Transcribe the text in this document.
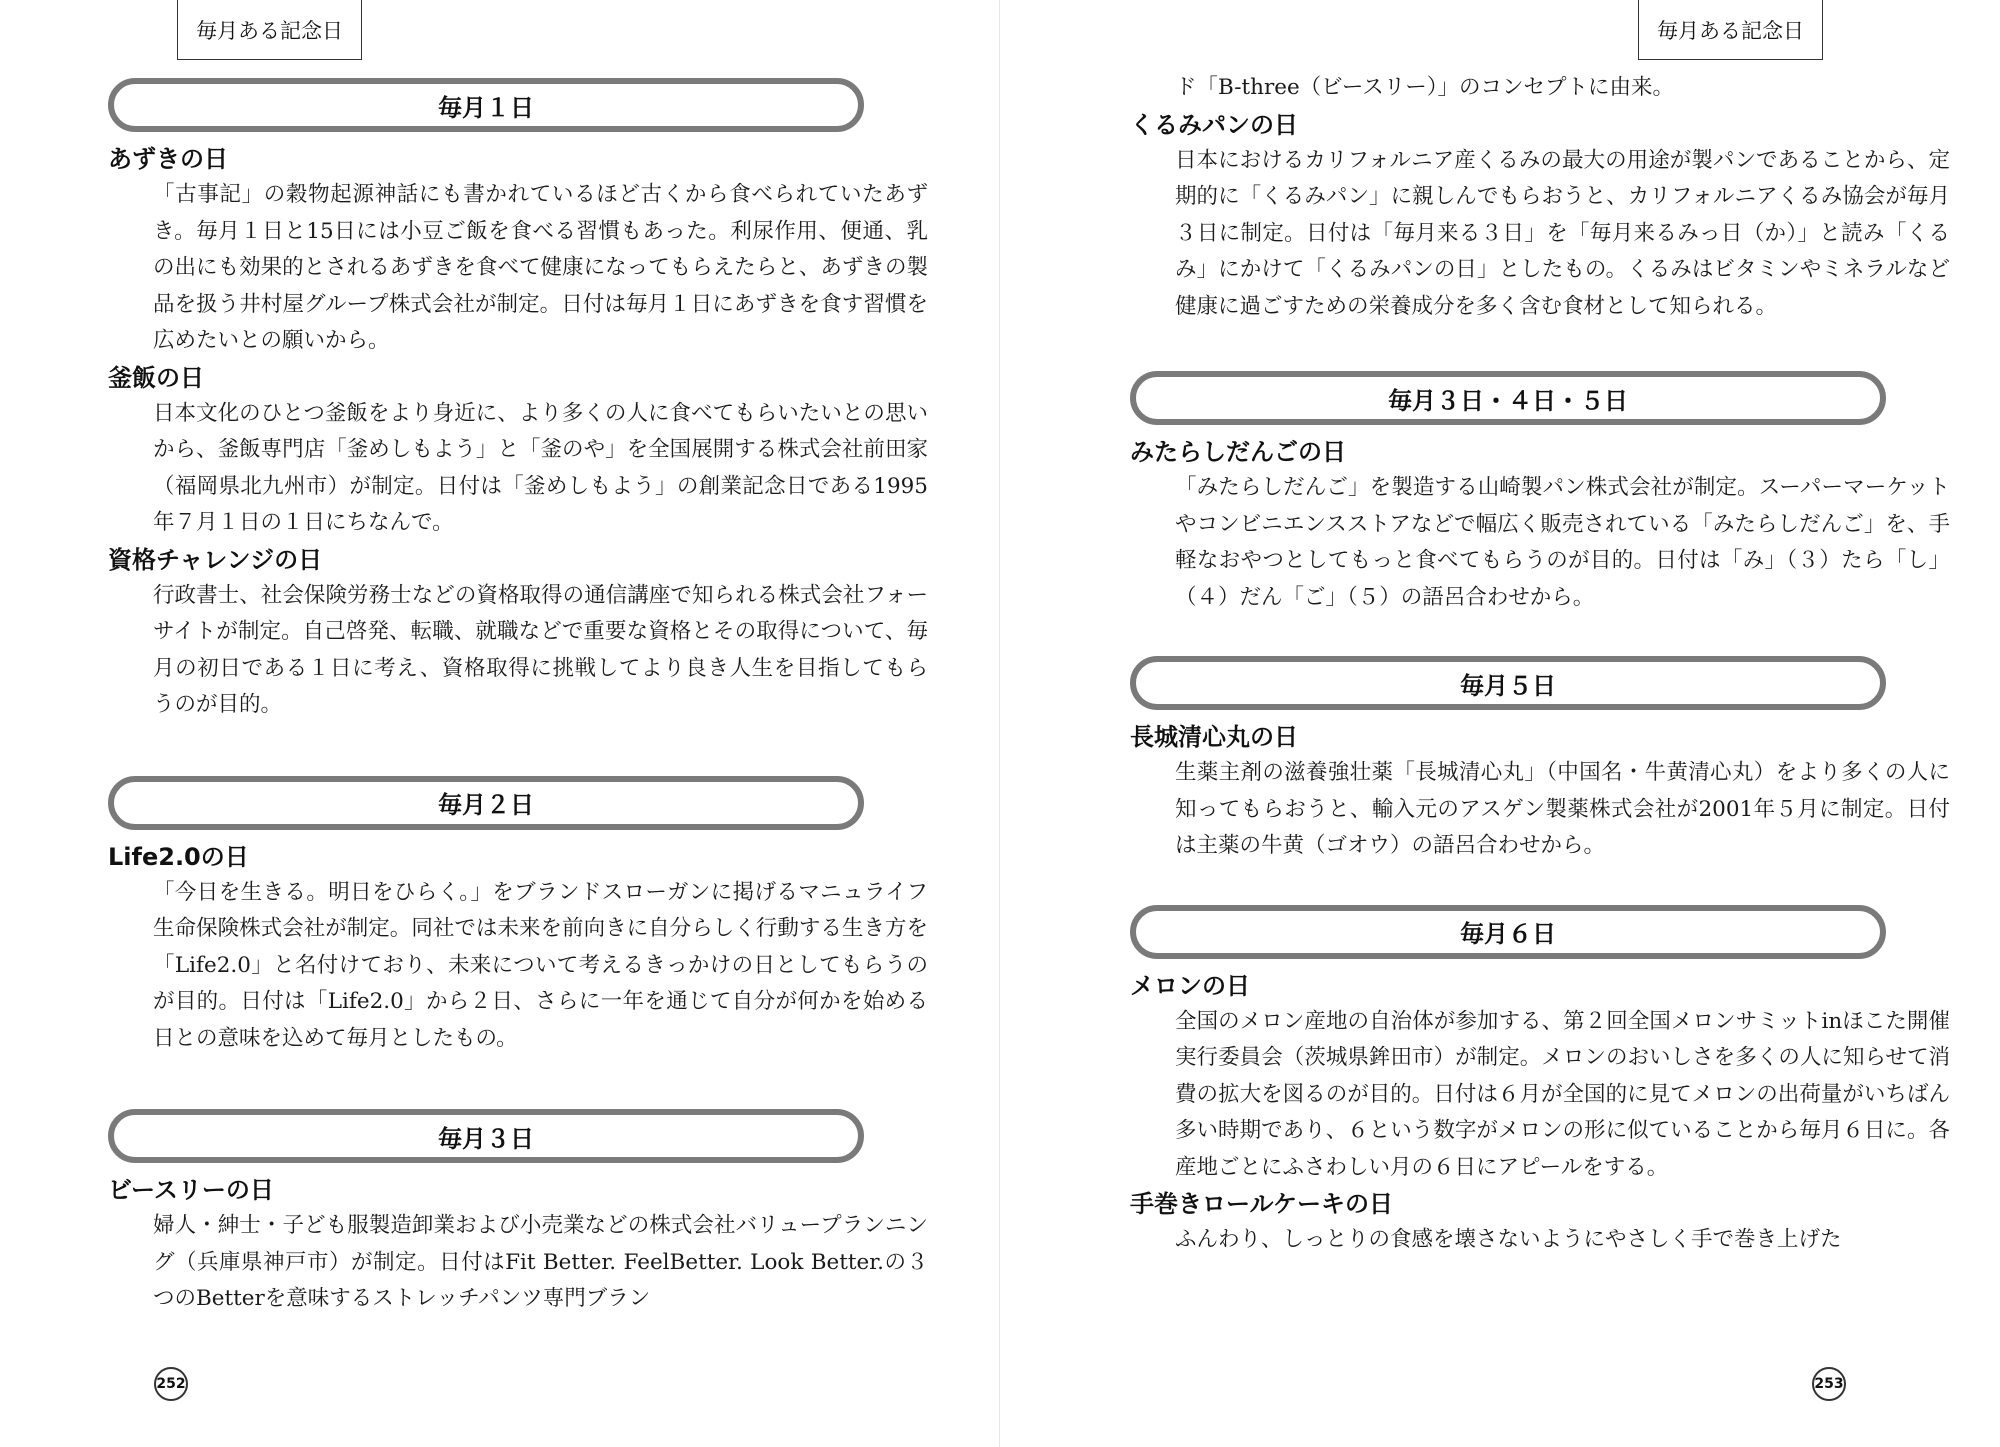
毎月ある記念日
毎月１日
あずきの日
「古事記」の穀物起源神話にも書かれているほど古くから食べられていたあずき。毎月１日と15日には小豆ご飯を食べる習慣もあった。利尿作用、便通、乳の出にも効果的とされるあずきを食べて健康になってもらえたらと、あずきの製品を扱う井村屋グループ株式会社が制定。日付は毎月１日にあずきを食す習慣を広めたいとの願いから。
釜飯の日
日本文化のひとつ釜飯をより身近に、より多くの人に食べてもらいたいとの思いから、釜飯専門店「釜めしもよう」と「釜のや」を全国展開する株式会社前田家（福岡県北九州市）が制定。日付は「釜めしもよう」の創業記念日である1995年７月１日の１日にちなんで。
資格チャレンジの日
行政書士、社会保険労務士などの資格取得の通信講座で知られる株式会社フォーサイトが制定。自己啓発、転職、就職などで重要な資格とその取得について、毎月の初日である１日に考え、資格取得に挑戦してより良き人生を目指してもらうのが目的。
毎月２日
Life2.0の日
「今日を生きる。明日をひらく。」をブランドスローガンに掲げるマニュライフ生命保険株式会社が制定。同社では未来を前向きに自分らしく行動する生き方を「Life2.0」と名付けており、未来について考えるきっかけの日としてもらうのが目的。日付は「Life2.0」から２日、さらに一年を通じて自分が何かを始める日との意味を込めて毎月としたもの。
毎月３日
ビースリーの日
婦人・紳士・子ども服製造卸業および小売業などの株式会社バリュープランニング（兵庫県神戸市）が制定。日付はFit Better. FeelBetter. Look Better.の３つのBetterを意味するストレッチパンツ専門ブラン
252
毎月ある記念日
ド「B-three（ビースリー）」のコンセプトに由来。
くるみパンの日
日本におけるカリフォルニア産くるみの最大の用途が製パンであることから、定期的に「くるみパン」に親しんでもらおうと、カリフォルニアくるみ協会が毎月３日に制定。日付は「毎月来る３日」を「毎月来るみっ日（か）」と読み「くるみ」にかけて「くるみパンの日」としたもの。くるみはビタミンやミネラルなど健康に過ごすための栄養成分を多く含む食材として知られる。
毎月３日・４日・５日
みたらしだんごの日
「みたらしだんご」を製造する山崎製パン株式会社が制定。スーパーマーケットやコンビニエンスストアなどで幅広く販売されている「みたらしだんご」を、手軽なおやつとしてもっと食べてもらうのが目的。日付は「み」（３）たら「し」（４）だん「ご」（５）の語呂合わせから。
毎月５日
長城清心丸の日
生薬主剤の滋養強壮薬「長城清心丸」（中国名・牛黄清心丸）をより多くの人に知ってもらおうと、輸入元のアスゲン製薬株式会社が2001年５月に制定。日付は主薬の牛黄（ゴオウ）の語呂合わせから。
毎月６日
メロンの日
全国のメロン産地の自治体が参加する、第２回全国メロンサミットinほこた開催実行委員会（茨城県鉾田市）が制定。メロンのおいしさを多くの人に知らせて消費の拡大を図るのが目的。日付は６月が全国的に見てメロンの出荷量がいちばん多い時期であり、６という数字がメロンの形に似ていることから毎月６日に。各産地ごとにふさわしい月の６日にアピールをする。
手巻きロールケーキの日
ふんわり、しっとりの食感を壊さないようにやさしく手で巻き上げた
253
